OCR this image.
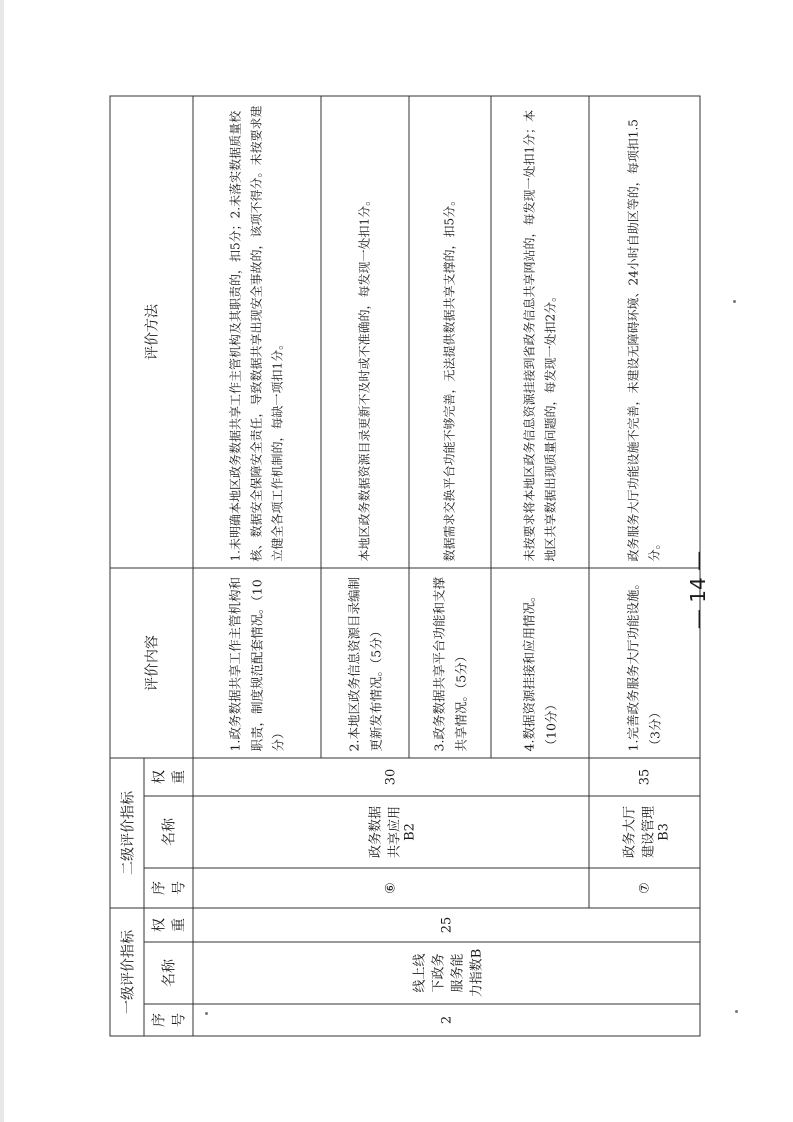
一级评价指标			二级评价指标			评价内容	评价方法
序号	名称	权重	序号	名称	权重		
2	线上线下政务服务能力指数B	25	⑥	政务数据共享应用B2	30	1.政务数据共享工作主管机构和职责，制度规范配套情况。（10分）	1.未明确本地区政务数据共享工作主管机构及其职责的，扣5分；2.未落实数据质量校核、数据安全保障安全责任，导致数据共享出现安全事故的，该项不得分。未按要求建立健全各项工作机制的，每缺一项扣1分。
						2.本地区政务信息资源目录编制更新发布情况。（5分）	本地区政务数据资源目录更新不及时或不准确的，每发现一处扣1分。
						3.政务数据共享平台功能和支撑共享情况。（5分）	数据需求交换平台功能不够完善，无法提供数据共享支撑的，扣5分。
						4.数据资源挂接和应用情况。（10分）	未按要求将本地区政务信息资源挂接到省政务信息共享网站的，每发现一处扣1分；本地区共享数据出现质量问题的，每发现一处扣2分。
			⑦	政务大厅建设管理B3	35	1.完善政务服务大厅功能设施。（3分）	政务服务大厅功能设施不完善，未建设无障碍环境、24小时自助区等的，每项扣1.5分。
— 14 —
